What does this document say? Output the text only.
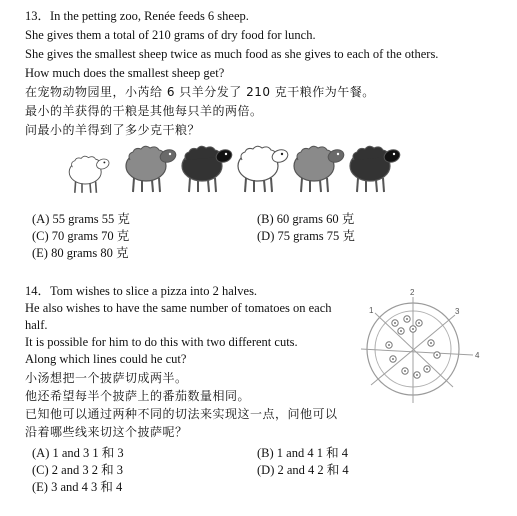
13．In the petting zoo, Renée feeds 6 sheep.
She gives them a total of 210 grams of dry food for lunch.
She gives the smallest sheep twice as much food as she gives to each of the others.
How much does the smallest sheep get?
在宠物动物园里，小芮给 6 只羊分发了 210 克干粮作为午餐。
最小的羊获得的干粮是其他每只羊的两倍。
问最小的羊得到了多少克干粮？
(A) 55 grams 55 克	(B) 60 grams 60 克
(C) 70 grams 70 克	(D) 75 grams 75 克
(E) 80 grams 80 克
14．Tom wishes to slice a pizza into 2 halves.
He also wishes to have the same number of tomatoes on each
half.
It is possible for him to do this with two different cuts.
Along which lines could he cut?
小汤想把一个披萨切成两半。
他还希望每半个披萨上的番茄数量相同。
已知他可以通过两种不同的切法来实现这一点，问他可以
沿着哪些线来切这个披萨呢？
(A) 1 and 3 1 和 3	(B) 1 and 4 1 和 4
(C) 2 and 3 2 和 3	(D) 2 and 4 2 和 4
(E) 3 and 4 3 和 4
1
2
3
4
